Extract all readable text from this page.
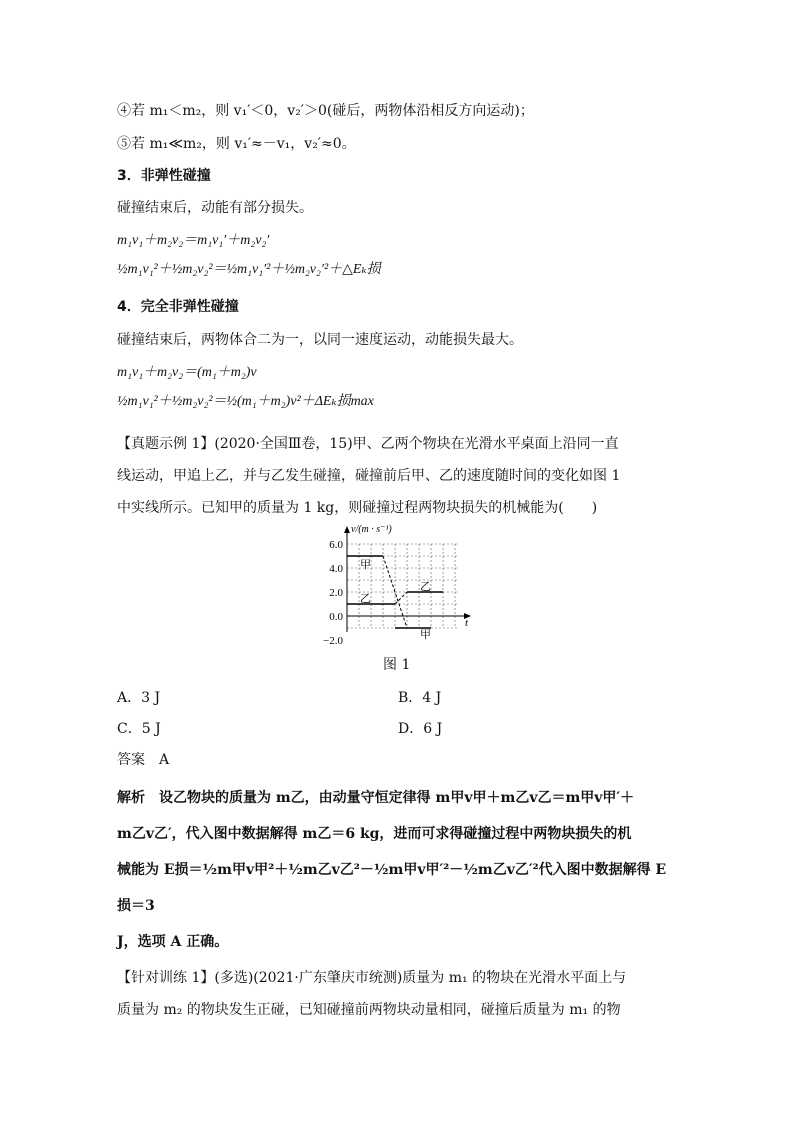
④若 m₁＜m₂，则 v₁′＜0，v₂′＞0(碰后，两物体沿相反方向运动)；
⑤若 m₁≪m₂，则 v₁′≈－v₁，v₂′≈0。
3．非弹性碰撞
碰撞结束后，动能有部分损失。
m₁v₁＋m₂v₂＝m₁v₁′＋m₂v₂′
½m₁v₁²＋½m₂v₂²＝½m₁v₁′²＋½m₂v₂′²＋△Eₖ损
4．完全非弹性碰撞
碰撞结束后，两物体合二为一，以同一速度运动，动能损失最大。
m₁v₁＋m₂v₂＝(m₁＋m₂)v
½m₁v₁²＋½m₂v₂²＝½(m₁＋m₂)v²＋ΔEₖ损max
【真题示例 1】(2020·全国Ⅲ卷，15)甲、乙两个物块在光滑水平桌面上沿同一直
线运动，甲追上乙，并与乙发生碰撞，碰撞前后甲、乙的速度随时间的变化如图 1
中实线所示。已知甲的质量为 1 kg，则碰撞过程两物块损失的机械能为(　　)
v/(m · s⁻¹)
t
6.0
4.0
2.0
0.0
−2.0
甲
乙
乙
甲
图 1
A．3 J	B．4 J
C．5 J	D．6 J
答案　A
解析　设乙物块的质量为 m乙，由动量守恒定律得 m甲v甲＋m乙v乙＝m甲v甲′＋
m乙v乙′，代入图中数据解得 m乙＝6 kg，进而可求得碰撞过程中两物块损失的机
械能为 E损＝½m甲v甲²＋½m乙v乙²－½m甲v甲′²－½m乙v乙′²代入图中数据解得 E损＝3
J，选项 A 正确。
【针对训练 1】(多选)(2021·广东肇庆市统测)质量为 m₁ 的物块在光滑水平面上与
质量为 m₂ 的物块发生正碰，已知碰撞前两物块动量相同，碰撞后质量为 m₁ 的物
